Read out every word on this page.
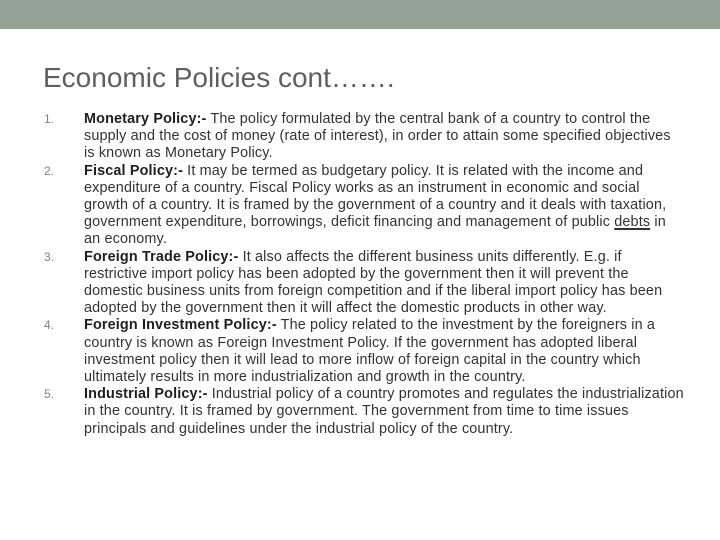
Economic Policies cont…….
1. Monetary Policy:- The policy formulated by the central bank of a country to control the supply and the cost of money (rate of interest), in order to attain some specified objectives is known as Monetary Policy.
2. Fiscal Policy:- It may be termed as budgetary policy. It is related with the income and expenditure of a country. Fiscal Policy works as an instrument in economic and social growth of a country. It is framed by the government of a country and it deals with taxation, government expenditure, borrowings, deficit financing and management of public debts in an economy.
3. Foreign Trade Policy:- It also affects the different business units differently. E.g. if restrictive import policy has been adopted by the government then it will prevent the domestic business units from foreign competition and if the liberal import policy has been adopted by the government then it will affect the domestic products in other way.
4. Foreign Investment Policy:- The policy related to the investment by the foreigners in a country is known as Foreign Investment Policy. If the government has adopted liberal investment policy then it will lead to more inflow of foreign capital in the country which ultimately results in more industrialization and growth in the country.
5. Industrial Policy:- Industrial policy of a country promotes and regulates the industrialization in the country. It is framed by government. The government from time to time issues principals and guidelines under the industrial policy of the country.
